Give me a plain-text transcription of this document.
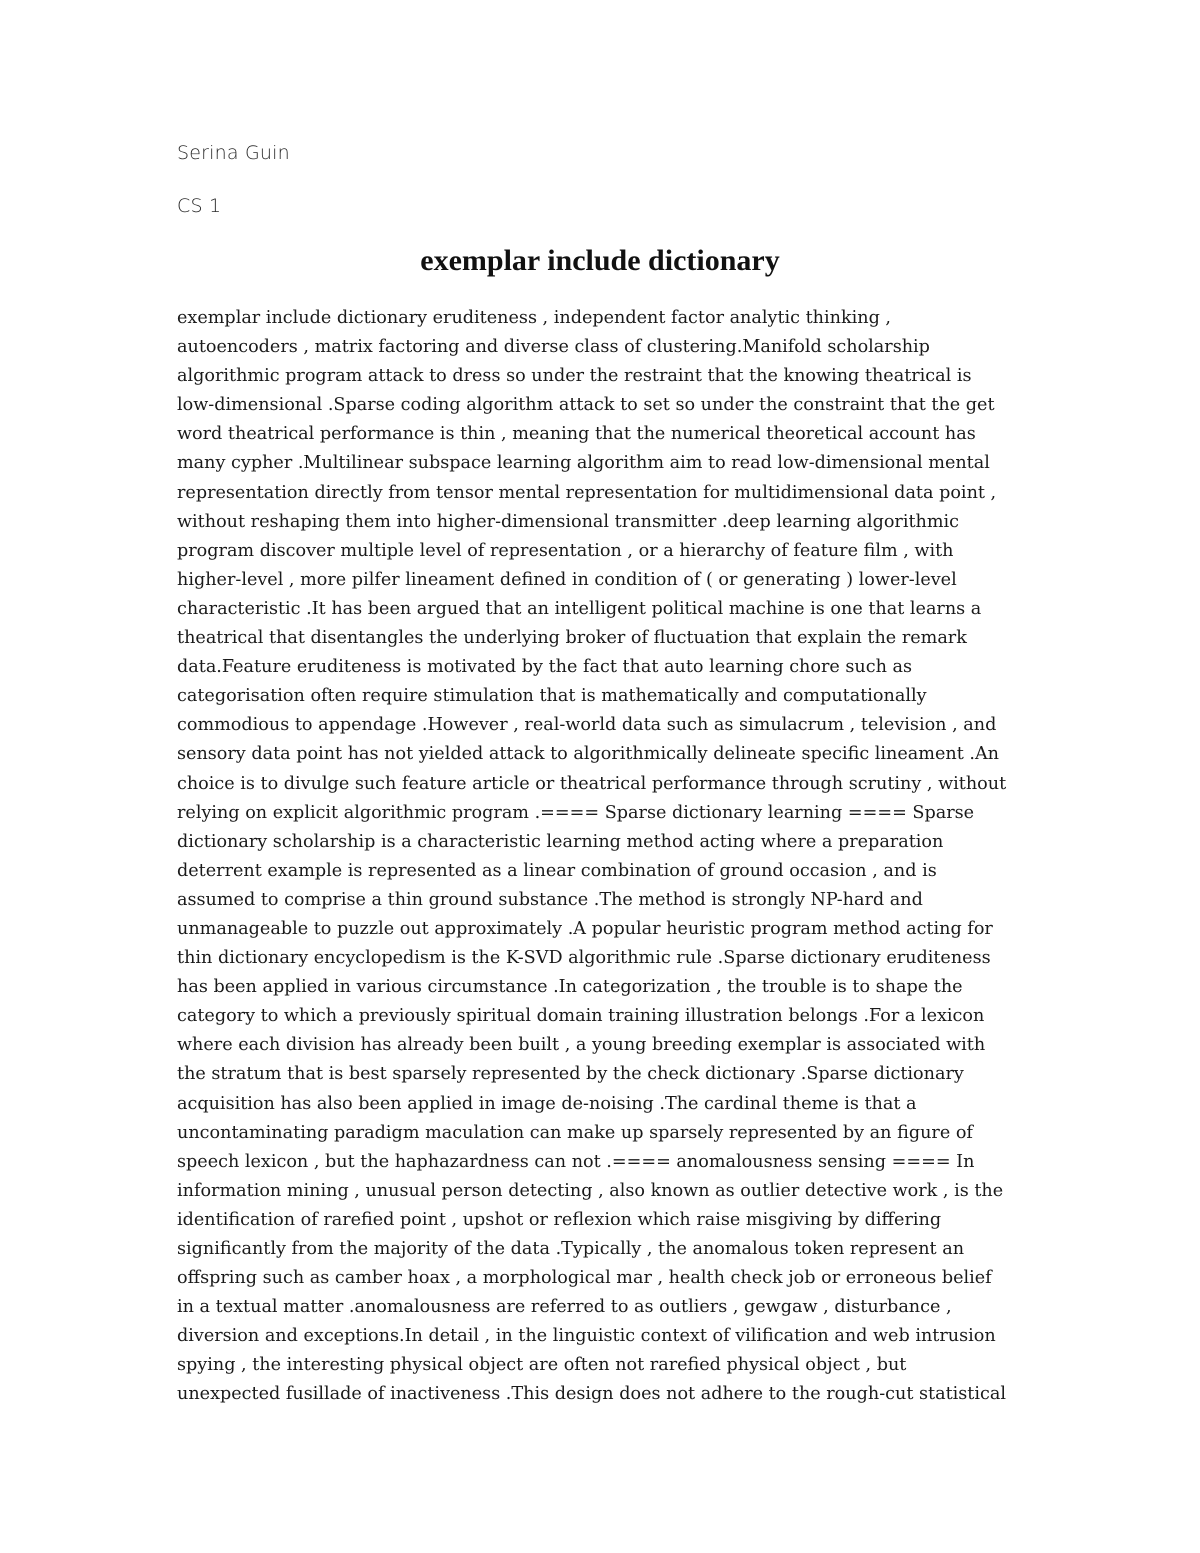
Serina Guin
CS 1
exemplar include dictionary
exemplar include dictionary eruditeness , independent factor analytic thinking ,
autoencoders , matrix factoring and diverse class of clustering.Manifold scholarship
algorithmic program attack to dress so under the restraint that the knowing theatrical is
low-dimensional .Sparse coding algorithm attack to set so under the constraint that the get
word theatrical performance is thin , meaning that the numerical theoretical account has
many cypher .Multilinear subspace learning algorithm aim to read low-dimensional mental
representation directly from tensor mental representation for multidimensional data point ,
without reshaping them into higher-dimensional transmitter .deep learning algorithmic
program discover multiple level of representation , or a hierarchy of feature film , with
higher-level , more pilfer lineament defined in condition of ( or generating ) lower-level
characteristic .It has been argued that an intelligent political machine is one that learns a
theatrical that disentangles the underlying broker of fluctuation that explain the remark
data.Feature eruditeness is motivated by the fact that auto learning chore such as
categorisation often require stimulation that is mathematically and computationally
commodious to appendage .However , real-world data such as simulacrum , television , and
sensory data point has not yielded attack to algorithmically delineate specific lineament .An
choice is to divulge such feature article or theatrical performance through scrutiny , without
relying on explicit algorithmic program .==== Sparse dictionary learning ==== Sparse
dictionary scholarship is a characteristic learning method acting where a preparation
deterrent example is represented as a linear combination of ground occasion , and is
assumed to comprise a thin ground substance .The method is strongly NP-hard and
unmanageable to puzzle out approximately .A popular heuristic program method acting for
thin dictionary encyclopedism is the K-SVD algorithmic rule .Sparse dictionary eruditeness
has been applied in various circumstance .In categorization , the trouble is to shape the
category to which a previously spiritual domain training illustration belongs .For a lexicon
where each division has already been built , a young breeding exemplar is associated with
the stratum that is best sparsely represented by the check dictionary .Sparse dictionary
acquisition has also been applied in image de-noising .The cardinal theme is that a
uncontaminating paradigm maculation can make up sparsely represented by an figure of
speech lexicon , but the haphazardness can not .==== anomalousness sensing ==== In
information mining , unusual person detecting , also known as outlier detective work , is the
identification of rarefied point , upshot or reflexion which raise misgiving by differing
significantly from the majority of the data .Typically , the anomalous token represent an
offspring such as camber hoax , a morphological mar , health check job or erroneous belief
in a textual matter .anomalousness are referred to as outliers , gewgaw , disturbance ,
diversion and exceptions.In detail , in the linguistic context of vilification and web intrusion
spying , the interesting physical object are often not rarefied physical object , but
unexpected fusillade of inactiveness .This design does not adhere to the rough-cut statistical
